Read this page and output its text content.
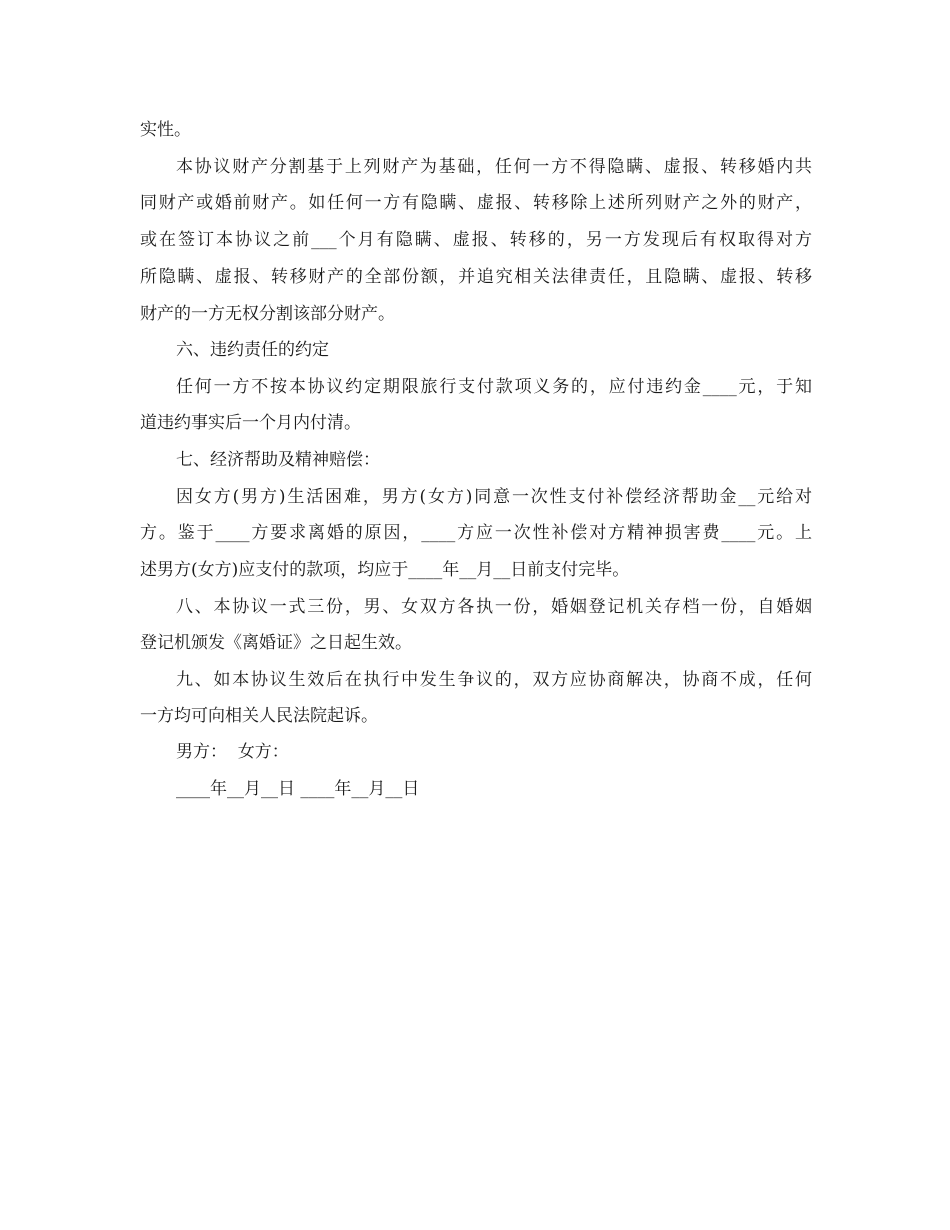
实性。
本协议财产分割基于上列财产为基础，任何一方不得隐瞒、虚报、转移婚内共
同财产或婚前财产。如任何一方有隐瞒、虚报、转移除上述所列财产之外的财产，
或在签订本协议之前___个月有隐瞒、虚报、转移的，另一方发现后有权取得对方
所隐瞒、虚报、转移财产的全部份额，并追究相关法律责任，且隐瞒、虚报、转移
财产的一方无权分割该部分财产。
六、违约责任的约定
任何一方不按本协议约定期限旅行支付款项义务的，应付违约金____元，于知
道违约事实后一个月内付清。
七、经济帮助及精神赔偿：
因女方(男方)生活困难，男方(女方)同意一次性支付补偿经济帮助金__元给对
方。鉴于____方要求离婚的原因，____方应一次性补偿对方精神损害费____元。上
述男方(女方)应支付的款项，均应于____年__月__日前支付完毕。
八、本协议一式三份，男、女双方各执一份，婚姻登记机关存档一份，自婚姻
登记机颁发《离婚证》之日起生效。
九、如本协议生效后在执行中发生争议的，双方应协商解决，协商不成，任何
一方均可向相关人民法院起诉。
男方：  女方：
____年__月__日 ____年__月__日
